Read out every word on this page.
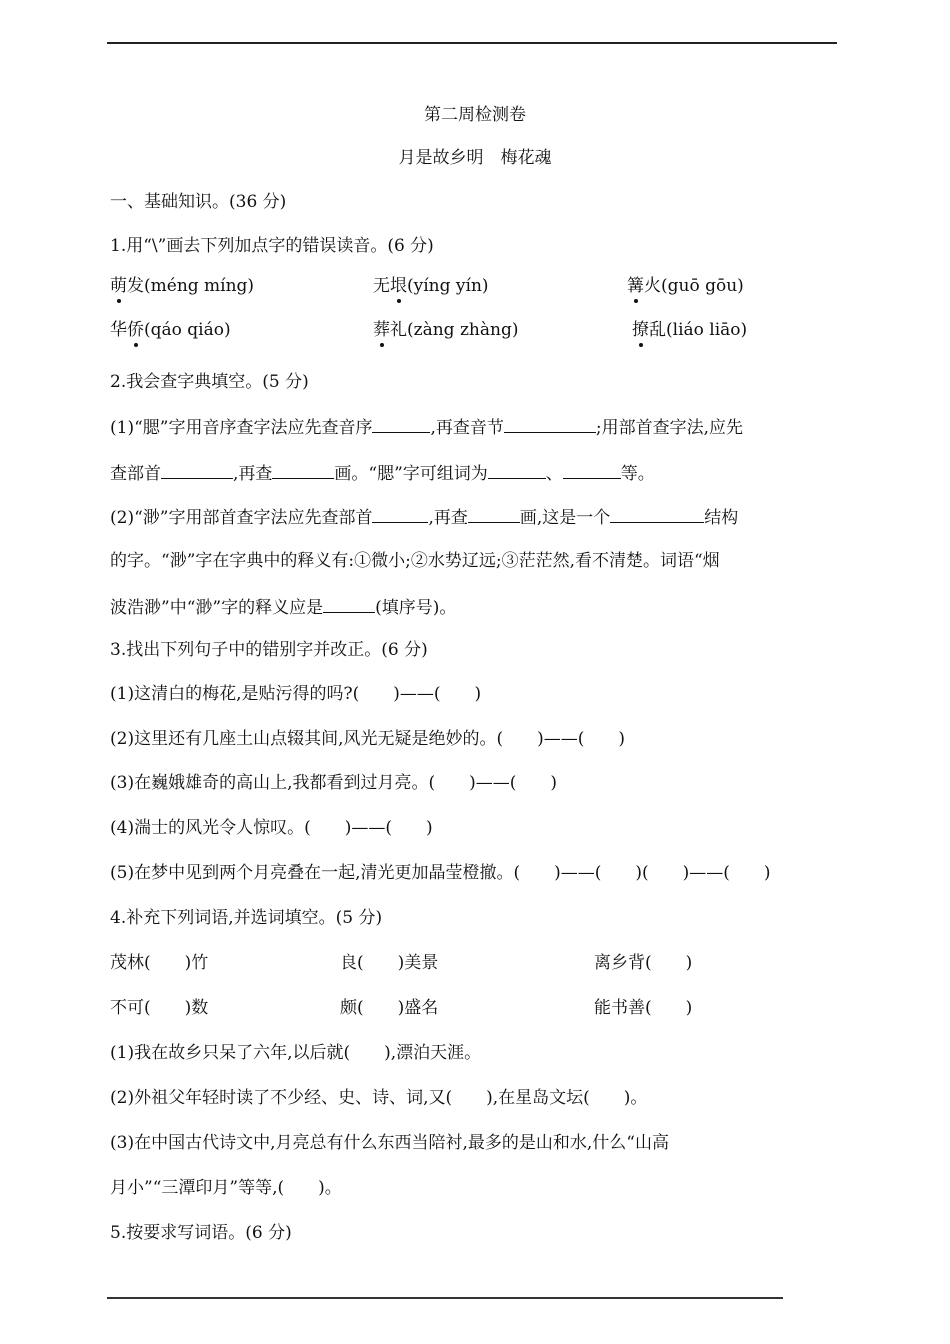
第二周检测卷
月是故乡明　梅花魂
一、基础知识。(36 分)
1.用“\”画去下列加点字的错误读音。(6 分)
萌发(méng míng)	无垠(yíng yín)	篝火(guō gōu)
华侨(qáo qiáo)	葬礼(zàng zhàng)	撩乱(liáo liāo)
2.我会查字典填空。(5 分)
(1)“腮”字用音序查字法应先查音序	,再查音节	;用部首查字法,应先
查部首	,再查	画。“腮”字可组词为	、	等。
(2)“渺”字用部首查字法应先查部首	,再查	画,这是一个	结构
的字。“渺”字在字典中的释义有:①微小;②水势辽远;③茫茫然,看不清楚。词语“烟
波浩渺”中“渺”字的释义应是	(填序号)。
3.找出下列句子中的错别字并改正。(6 分)
(1)这清白的梅花,是贴污得的吗?(　　)——(　　)
(2)这里还有几座土山点辍其间,风光无疑是绝妙的。(　　)——(　　)
(3)在巍娥雄奇的高山上,我都看到过月亮。(　　)——(　　)
(4)湍士的风光令人惊叹。(　　)——(　　)
(5)在梦中见到两个月亮叠在一起,清光更加晶莹橙撤。(　　)——(　　)(　　)——(　　)
4.补充下列词语,并选词填空。(5 分)
茂林(　　)竹	良(　　)美景	离乡背(　　)
不可(　　)数	颇(　　)盛名	能书善(　　)
(1)我在故乡只呆了六年,以后就(　　),漂泊天涯。
(2)外祖父年轻时读了不少经、史、诗、词,又(　　),在星岛文坛(　　)。
(3)在中国古代诗文中,月亮总有什么东西当陪衬,最多的是山和水,什么“山高
月小”“三潭印月”等等,(　　)。
5.按要求写词语。(6 分)
